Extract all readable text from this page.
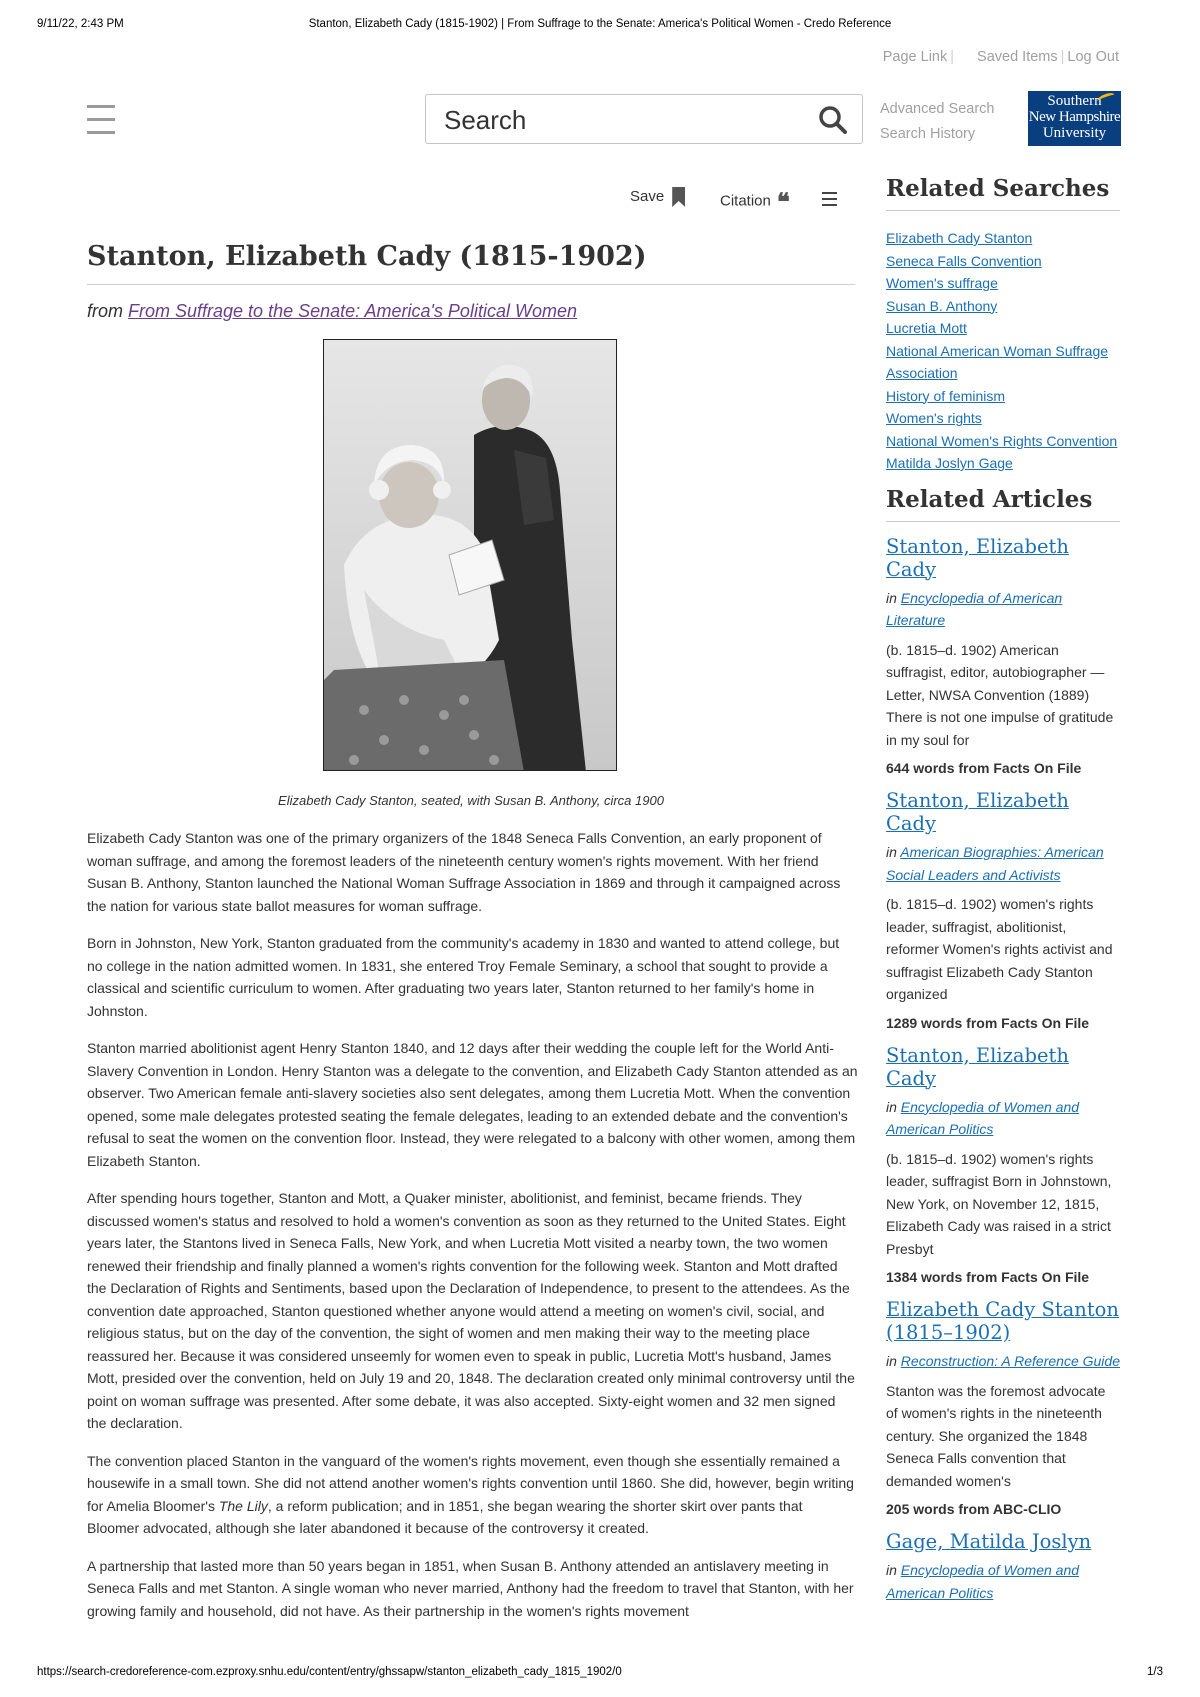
9/11/22, 2:43 PM	Stanton, Elizabeth Cady (1815-1902) | From Suffrage to the Senate: America's Political Women - Credo Reference
Page Link | Saved Items | Log Out
Search	Advanced Search
Search History
Southern
New Hampshire
University
Save	Citation ❝
Stanton, Elizabeth Cady (1815-1902)
from From Suffrage to the Senate: America's Political Women
Elizabeth Cady Stanton, seated, with Susan B. Anthony, circa 1900

Elizabeth Cady Stanton was one of the primary organizers of the 1848 Seneca Falls Convention, an early proponent of woman suffrage, and among the foremost leaders of the nineteenth century women's rights movement. With her friend Susan B. Anthony, Stanton launched the National Woman Suffrage Association in 1869 and through it campaigned across the nation for various state ballot measures for woman suffrage.

Born in Johnston, New York, Stanton graduated from the community's academy in 1830 and wanted to attend college, but no college in the nation admitted women. In 1831, she entered Troy Female Seminary, a school that sought to provide a classical and scientific curriculum to women. After graduating two years later, Stanton returned to her family's home in Johnston.

Stanton married abolitionist agent Henry Stanton 1840, and 12 days after their wedding the couple left for the World Anti-Slavery Convention in London. Henry Stanton was a delegate to the convention, and Elizabeth Cady Stanton attended as an observer. Two American female anti-slavery societies also sent delegates, among them Lucretia Mott. When the convention opened, some male delegates protested seating the female delegates, leading to an extended debate and the convention's refusal to seat the women on the convention floor. Instead, they were relegated to a balcony with other women, among them Elizabeth Stanton.

After spending hours together, Stanton and Mott, a Quaker minister, abolitionist, and feminist, became friends. They discussed women's status and resolved to hold a women's convention as soon as they returned to the United States. Eight years later, the Stantons lived in Seneca Falls, New York, and when Lucretia Mott visited a nearby town, the two women renewed their friendship and finally planned a women's rights convention for the following week. Stanton and Mott drafted the Declaration of Rights and Sentiments, based upon the Declaration of Independence, to present to the attendees. As the convention date approached, Stanton questioned whether anyone would attend a meeting on women's civil, social, and religious status, but on the day of the convention, the sight of women and men making their way to the meeting place reassured her. Because it was considered unseemly for women even to speak in public, Lucretia Mott's husband, James Mott, presided over the convention, held on July 19 and 20, 1848. The declaration created only minimal controversy until the point on woman suffrage was presented. After some debate, it was also accepted. Sixty-eight women and 32 men signed the declaration.

The convention placed Stanton in the vanguard of the women's rights movement, even though she essentially remained a housewife in a small town. She did not attend another women's rights convention until 1860. She did, however, begin writing for Amelia Bloomer's The Lily, a reform publication; and in 1851, she began wearing the shorter skirt over pants that Bloomer advocated, although she later abandoned it because of the controversy it created.

A partnership that lasted more than 50 years began in 1851, when Susan B. Anthony attended an antislavery meeting in Seneca Falls and met Stanton. A single woman who never married, Anthony had the freedom to travel that Stanton, with her growing family and household, did not have. As their partnership in the women's rights movement

Related Searches
Elizabeth Cady Stanton
Seneca Falls Convention
Women's suffrage
Susan B. Anthony
Lucretia Mott
National American Woman Suffrage Association
History of feminism
Women's rights
National Women's Rights Convention
Matilda Joslyn Gage
Related Articles
Stanton, Elizabeth Cady
in Encyclopedia of American Literature
(b. 1815–d. 1902) American suffragist, editor, autobiographer — Letter, NWSA Convention (1889) There is not one impulse of gratitude in my soul for
644 words from Facts On File
Stanton, Elizabeth Cady
in American Biographies: American Social Leaders and Activists
(b. 1815–d. 1902) women's rights leader, suffragist, abolitionist, reformer Women's rights activist and suffragist Elizabeth Cady Stanton organized
1289 words from Facts On File
Stanton, Elizabeth Cady
in Encyclopedia of Women and American Politics
(b. 1815–d. 1902) women's rights leader, suffragist Born in Johnstown, New York, on November 12, 1815, Elizabeth Cady was raised in a strict Presbyt
1384 words from Facts On File
Elizabeth Cady Stanton (1815–1902)
in Reconstruction: A Reference Guide
Stanton was the foremost advocate of women's rights in the nineteenth century. She organized the 1848 Seneca Falls convention that demanded women's
205 words from ABC-CLIO
Gage, Matilda Joslyn
in Encyclopedia of Women and American Politics
https://search-credoreference-com.ezproxy.snhu.edu/content/entry/ghssapw/stanton_elizabeth_cady_1815_1902/0	1/3
